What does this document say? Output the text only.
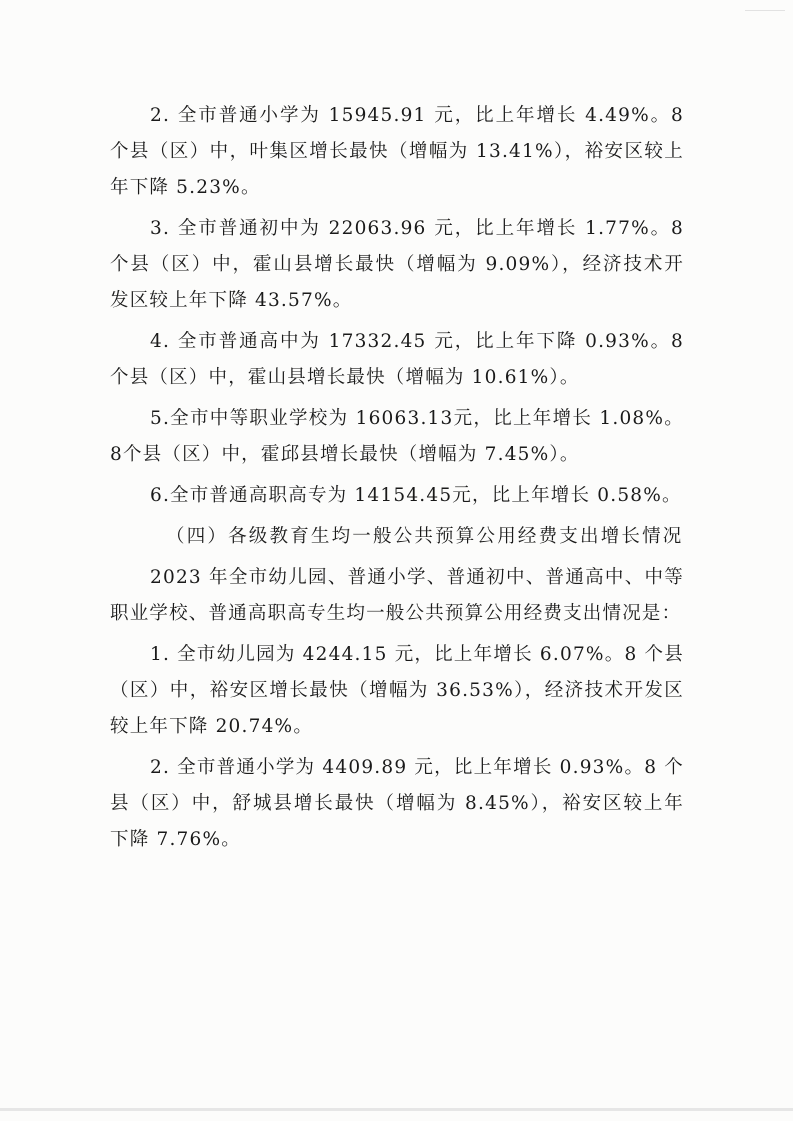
2. 全市普通小学为 15945.91 元，比上年增长 4.49%。8 个县（区）中，叶集区增长最快（增幅为 13.41%），裕安区较上年下降 5.23%。

3. 全市普通初中为 22063.96 元，比上年增长 1.77%。8 个县（区）中，霍山县增长最快（增幅为 9.09%），经济技术开发区较上年下降 43.57%。

4. 全市普通高中为 17332.45 元，比上年下降 0.93%。8 个县（区）中，霍山县增长最快（增幅为 10.61%）。

5.全市中等职业学校为 16063.13元，比上年增长 1.08%。8个县（区）中，霍邱县增长最快（增幅为 7.45%）。

6.全市普通高职高专为 14154.45元，比上年增长 0.58%。

（四）各级教育生均一般公共预算公用经费支出增长情况

2023 年全市幼儿园、普通小学、普通初中、普通高中、中等职业学校、普通高职高专生均一般公共预算公用经费支出情况是：

1. 全市幼儿园为 4244.15 元，比上年增长 6.07%。8 个县（区）中，裕安区增长最快（增幅为 36.53%），经济技术开发区较上年下降 20.74%。

2. 全市普通小学为 4409.89 元，比上年增长 0.93%。8 个县（区）中，舒城县增长最快（增幅为 8.45%），裕安区较上年下降 7.76%。
